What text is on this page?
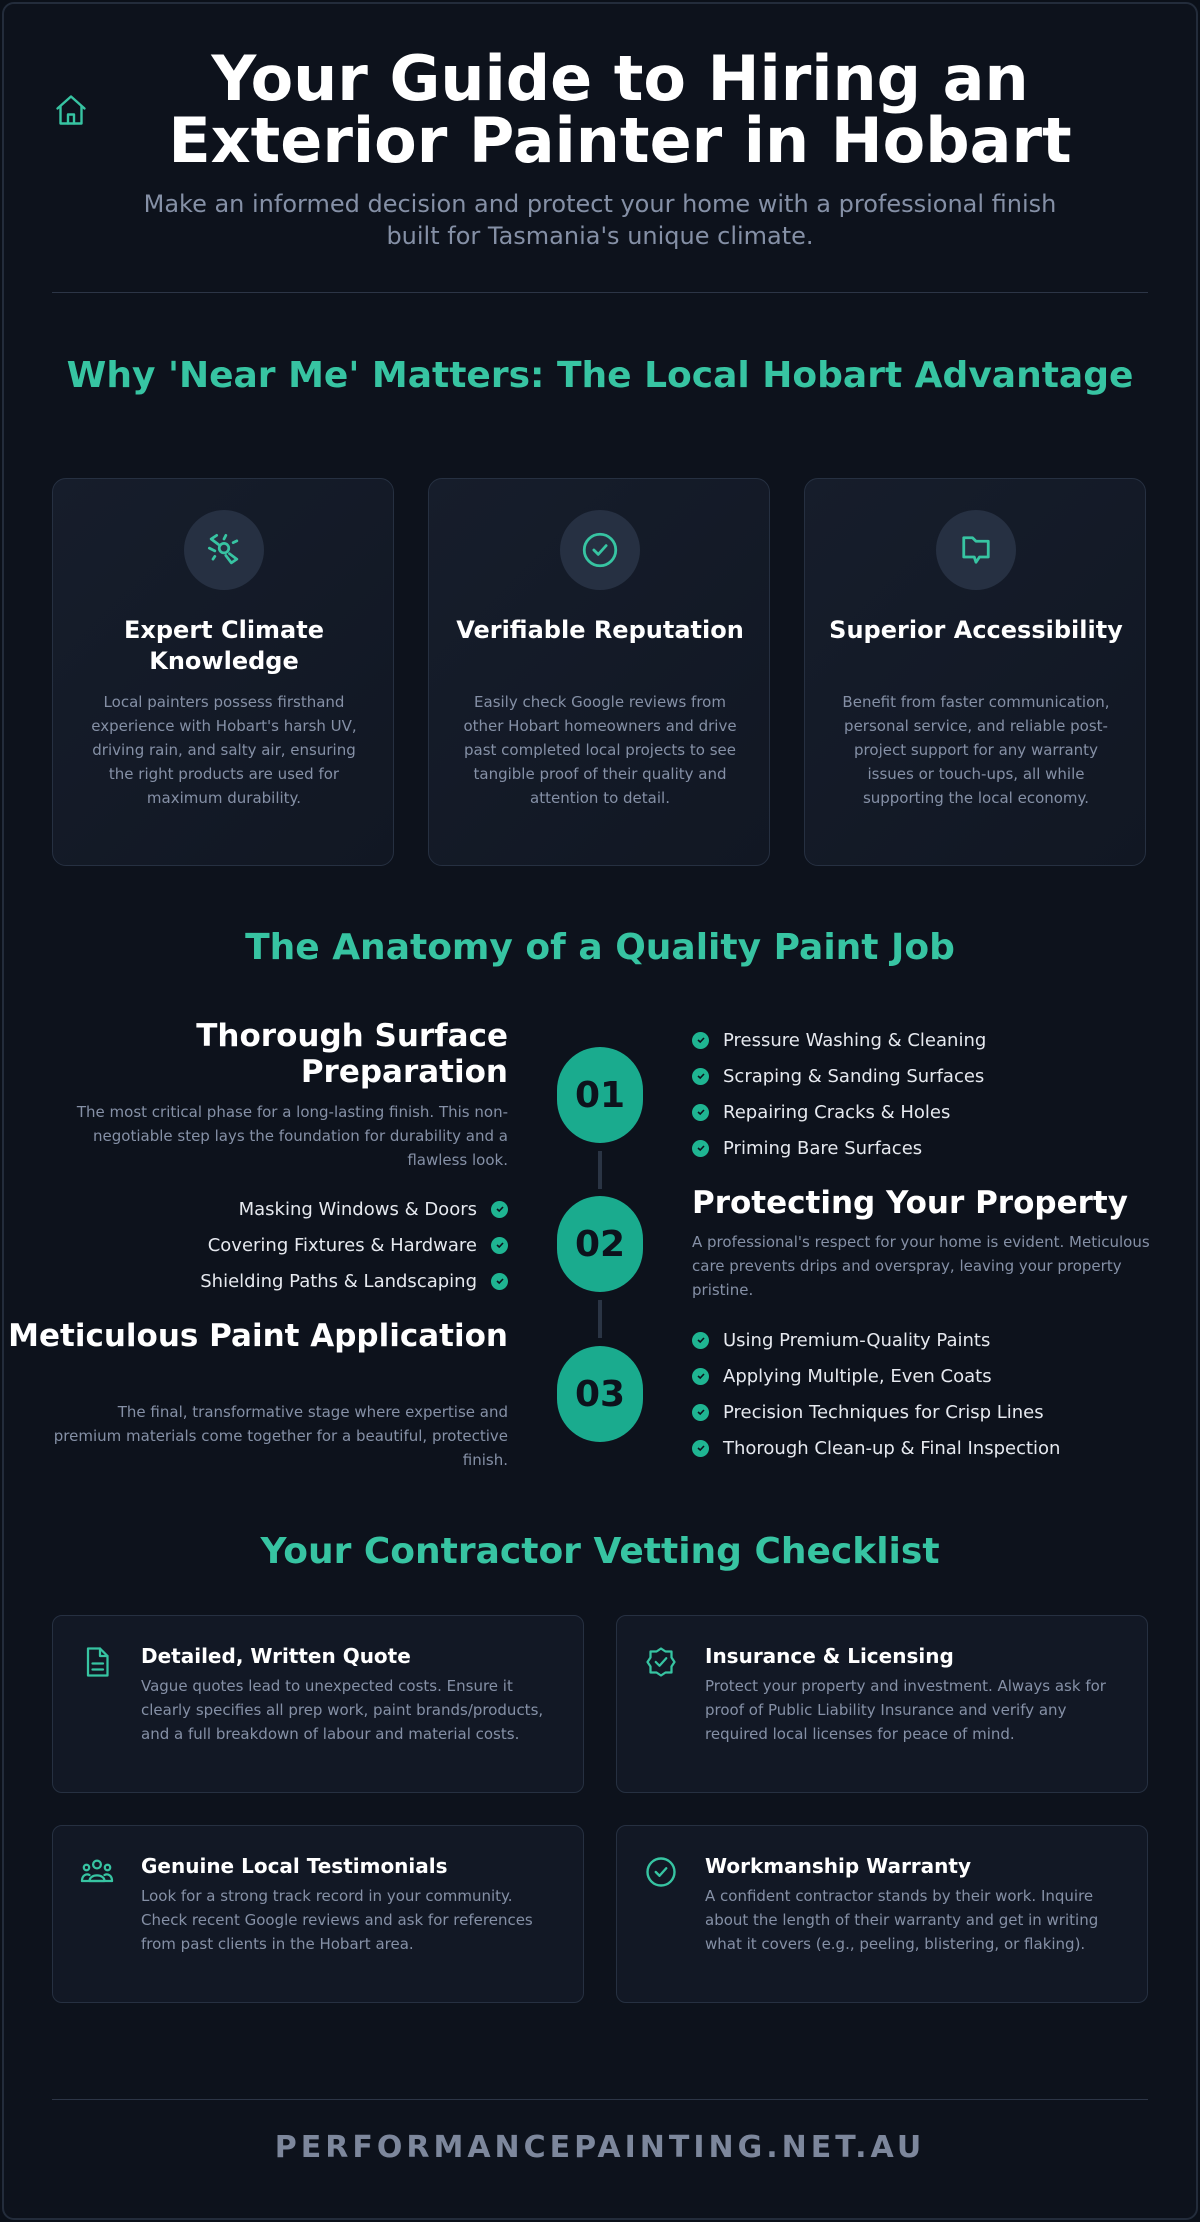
Your Guide to Hiring an Exterior Painter in Hobart
Make an informed decision and protect your home with a professional finish built for Tasmania's unique climate.
Why 'Near Me' Matters: The Local Hobart Advantage
Expert Climate Knowledge
Local painters possess firsthand experience with Hobart's harsh UV, driving rain, and salty air, ensuring the right products are used for maximum durability.
Verifiable Reputation
Easily check Google reviews from other Hobart homeowners and drive past completed local projects to see tangible proof of their quality and attention to detail.
Superior Accessibility
Benefit from faster communication, personal service, and reliable post-project support for any warranty issues or touch-ups, all while supporting the local economy.
The Anatomy of a Quality Paint Job
Thorough Surface Preparation
The most critical phase for a long-lasting finish. This non-negotiable step lays the foundation for durability and a flawless look.
01
Pressure Washing & Cleaning
Scraping & Sanding Surfaces
Repairing Cracks & Holes
Priming Bare Surfaces
02
Protecting Your Property
A professional's respect for your home is evident. Meticulous care prevents drips and overspray, leaving your property pristine.
Masking Windows & Doors
Covering Fixtures & Hardware
Shielding Paths & Landscaping
Meticulous Paint Application
The final, transformative stage where expertise and premium materials come together for a beautiful, protective finish.
03
Using Premium-Quality Paints
Applying Multiple, Even Coats
Precision Techniques for Crisp Lines
Thorough Clean-up & Final Inspection
Your Contractor Vetting Checklist
Detailed, Written Quote
Vague quotes lead to unexpected costs. Ensure it clearly specifies all prep work, paint brands/products, and a full breakdown of labour and material costs.
Insurance & Licensing
Protect your property and investment. Always ask for proof of Public Liability Insurance and verify any required local licenses for peace of mind.
Genuine Local Testimonials
Look for a strong track record in your community. Check recent Google reviews and ask for references from past clients in the Hobart area.
Workmanship Warranty
A confident contractor stands by their work. Inquire about the length of their warranty and get in writing what it covers (e.g., peeling, blistering, or flaking).
PERFORMANCEPAINTING.NET.AU
